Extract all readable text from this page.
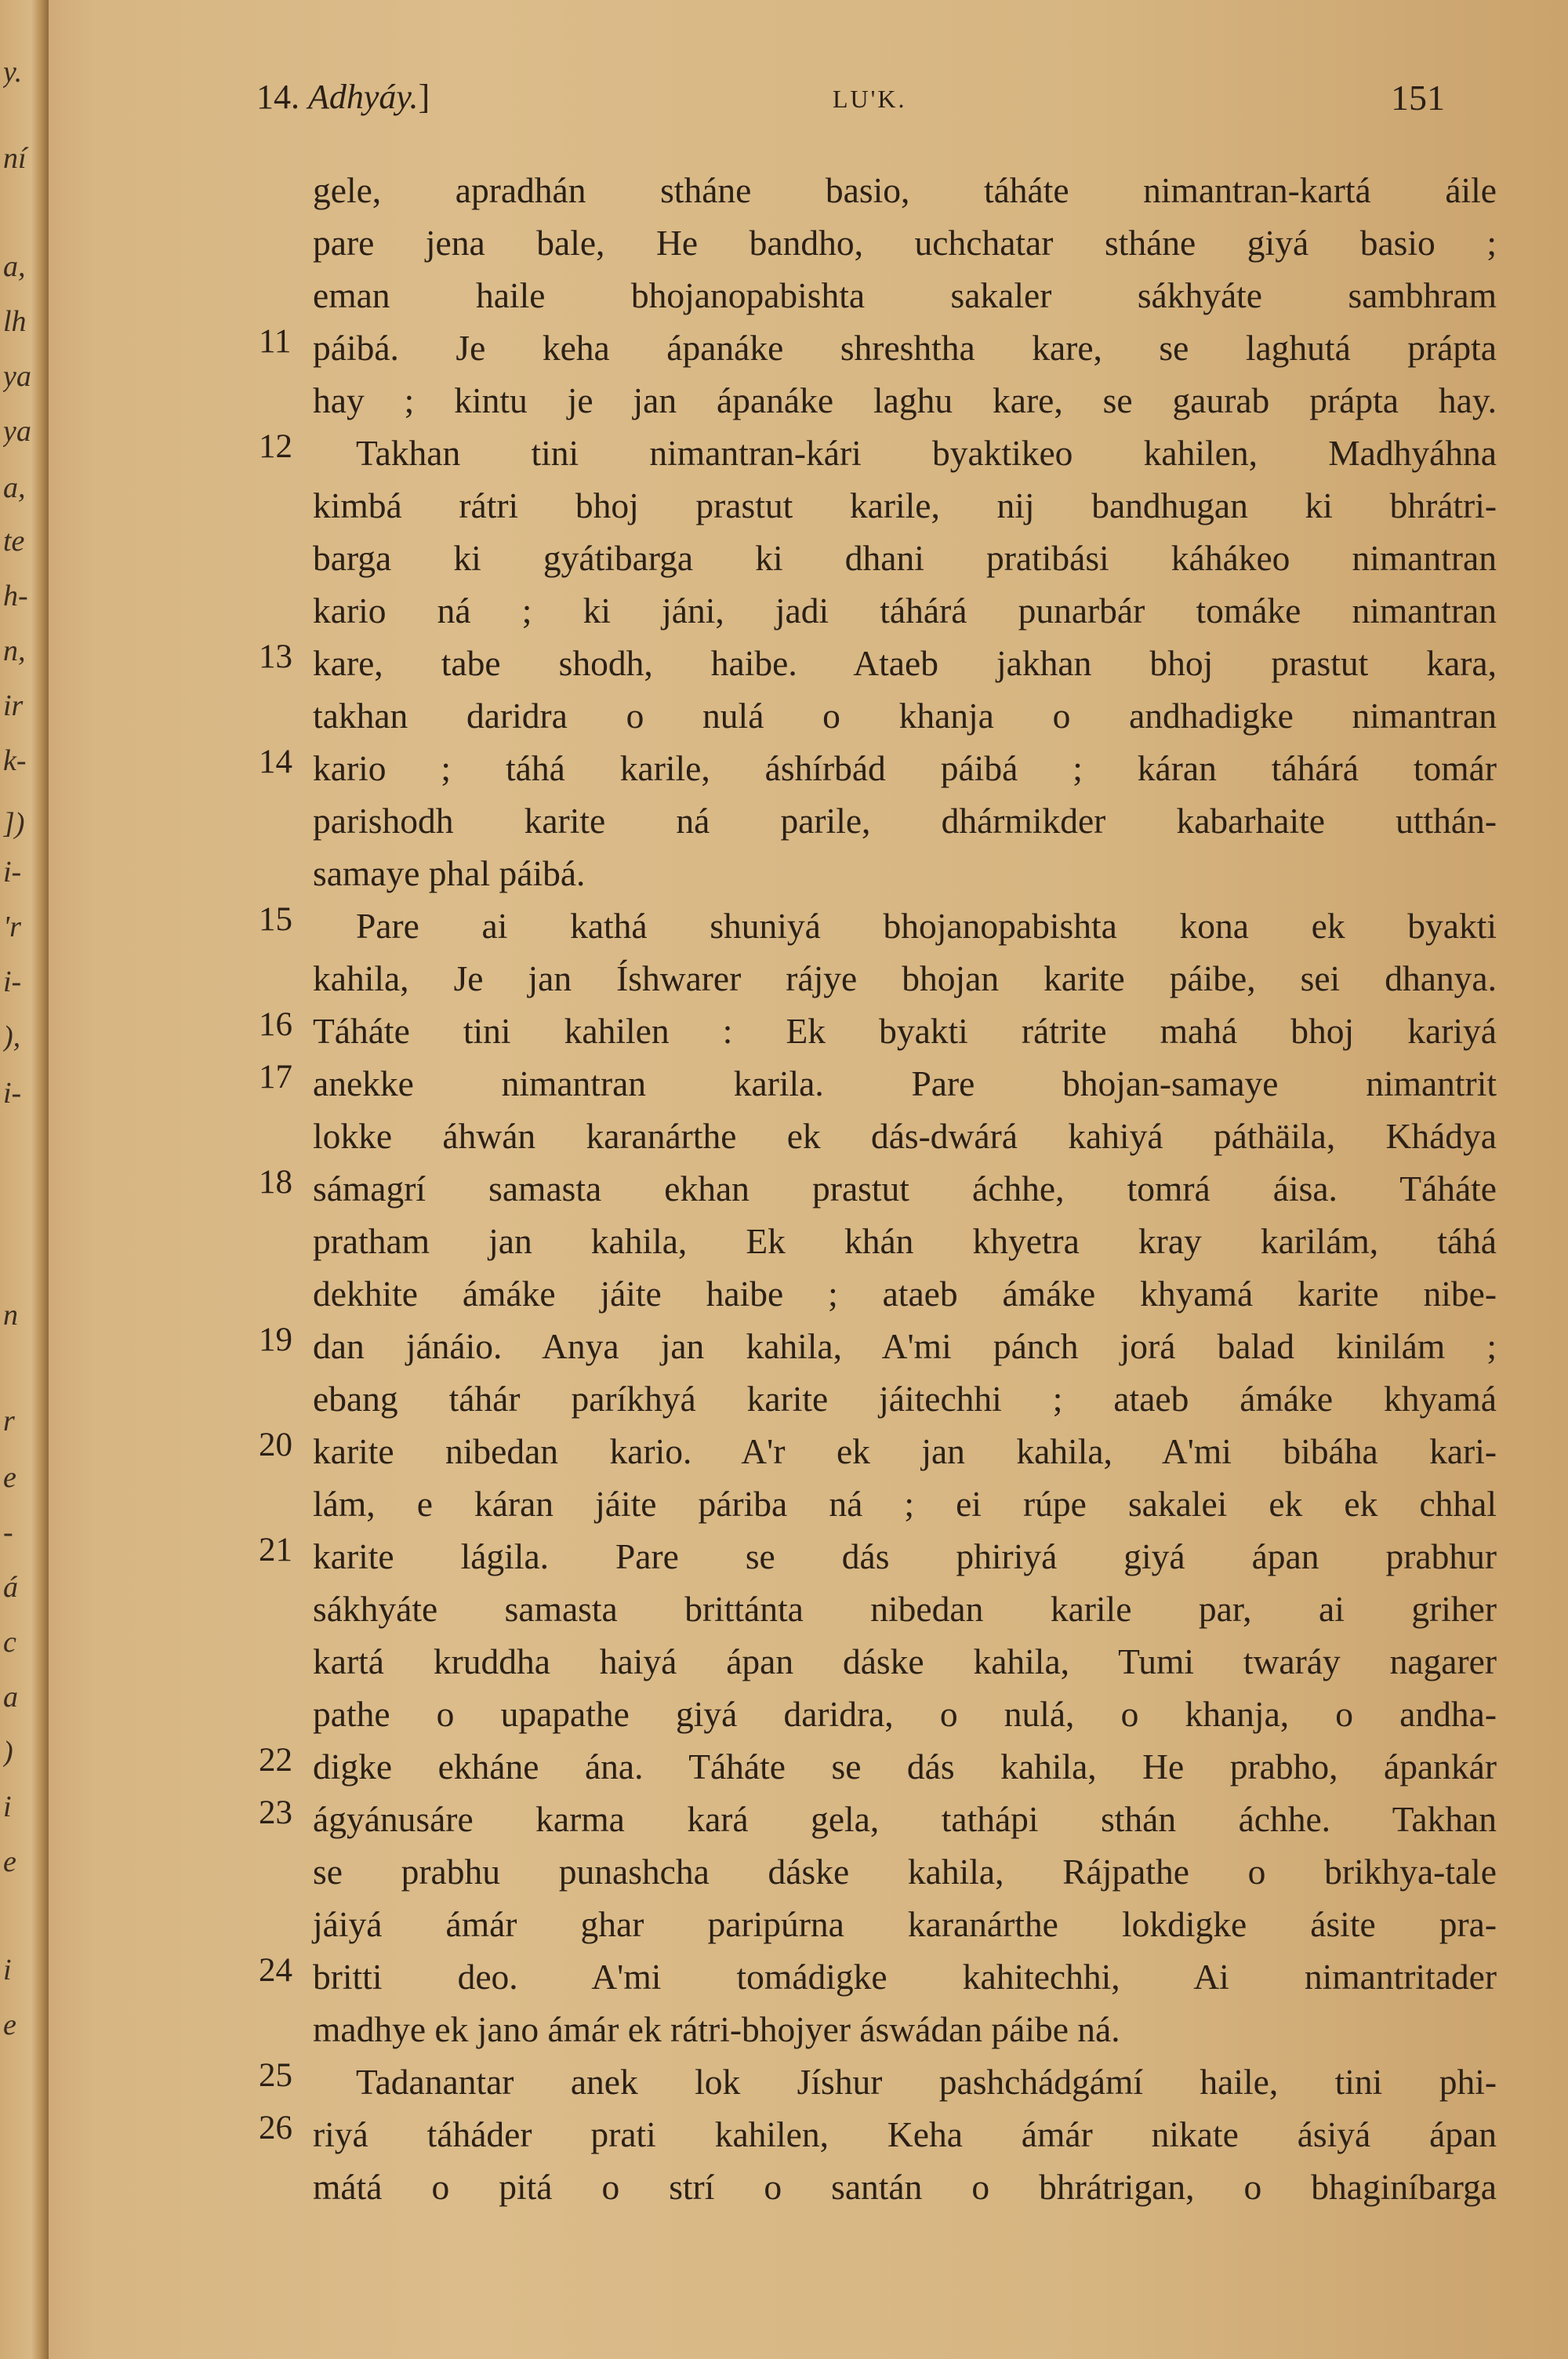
y.
ní
a,
lh
ya
ya
a,
te
h-
n,
ir
k-
])
i-
'r
i-
),
i-
n
r
e
-
á
c
a
)
i
e
i
e
14. Adhyáy.]	LU'K.	151
gele, apradhán stháne basio, táháte nimantran-kartá áile
pare jena bale, He bandho, uchchatar stháne giyá basio ;
eman haile bhojanopabishta sakaler sákhyáte sambhram
11 páibá. Je keha ápanáke shreshtha kare, se laghutá prápta
hay ; kintu je jan ápanáke laghu kare, se gaurab prápta hay.
12	Takhan tini nimantran-kári byaktikeo kahilen, Madhyáhna
kimbá rátri bhoj prastut karile, nij bandhugan ki bhrátri-
barga ki gyátibarga ki dhani pratibási káhákeo nimantran
kario ná ; ki jáni, jadi táhárá punarbár tomáke nimantran
13 kare, tabe shodh, haibe. Ataeb jakhan bhoj prastut kara,
takhan daridra o nulá o khanja o andhadigke nimantran
14 kario ; táhá karile, áshírbád páibá ; káran táhárá tomár
parishodh karite ná parile, dhármikder kabarhaite utthán-
samaye phal páibá.
15	Pare ai kathá shuniyá bhojanopabishta kona ek byakti
kahila, Je jan Íshwarer rájye bhojan karite páibe, sei dhanya.
16 Táháte tini kahilen : Ek byakti rátrite mahá bhoj kariyá
17 anekke nimantran karila. Pare bhojan-samaye nimantrit
lokke áhwán karanárthe ek dás-dwárá kahiyá páthäila, Khádya
18 sámagrí samasta ekhan prastut áchhe, tomrá áisa. Táháte
pratham jan kahila, Ek khán khyetra kray karilám, táhá
dekhite ámáke jáite haibe ; ataeb ámáke khyamá karite nibe-
19 dan jánáio. Anya jan kahila, A'mi pánch jorá balad kinilám ;
ebang táhár paríkhyá karite jáitechhi ; ataeb ámáke khyamá
20 karite nibedan kario. A'r ek jan kahila, A'mi bibáha kari-
lám, e káran jáite páriba ná ; ei rúpe sakalei ek ek chhal
21 karite lágila. Pare se dás phiriyá giyá ápan prabhur
sákhyáte samasta brittánta nibedan karile par, ai griher
kartá kruddha haiyá ápan dáske kahila, Tumi twaráy nagarer
pathe o upapathe giyá daridra, o nulá, o khanja, o andha-
22 digke ekháne ána. Táháte se dás kahila, He prabho, ápankár
23 ágyánusáre karma kará gela, tathápi sthán áchhe. Takhan
se prabhu punashcha dáske kahila, Rájpathe o brikhya-tale
jáiyá ámár ghar paripúrna karanárthe lokdigke ásite pra-
24 britti deo. A'mi tomádigke kahitechhi, Ai nimantritader
madhye ek jano ámár ek rátri-bhojyer áswádan páibe ná.
25	Tadanantar anek lok Jíshur pashchádgámí haile, tini phi-
26 riyá táháder prati kahilen, Keha ámár nikate ásiyá ápan
mátá o pitá o strí o santán o bhrátrigan, o bhaginíbarga
